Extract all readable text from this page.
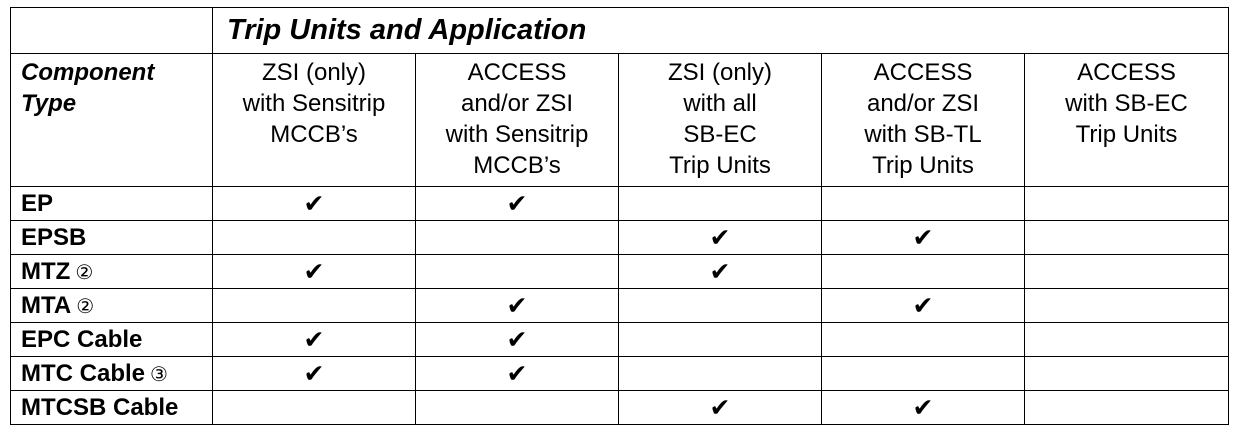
	Trip Units and Application				
Component
Type	ZSI (only)
with Sensitrip
MCCB’s	ACCESS
and/or ZSI
with Sensitrip
MCCB’s	ZSI (only)
with all
SB-EC
Trip Units	ACCESS
and/or ZSI
with SB-TL
Trip Units	ACCESS
with SB-EC
Trip Units
EP	✔	✔			
EPSB			✔	✔	
MTZ ②	✔		✔		
MTA ②		✔		✔	
EPC Cable	✔	✔			
MTC Cable ③	✔	✔			
MTCSB Cable			✔	✔	
